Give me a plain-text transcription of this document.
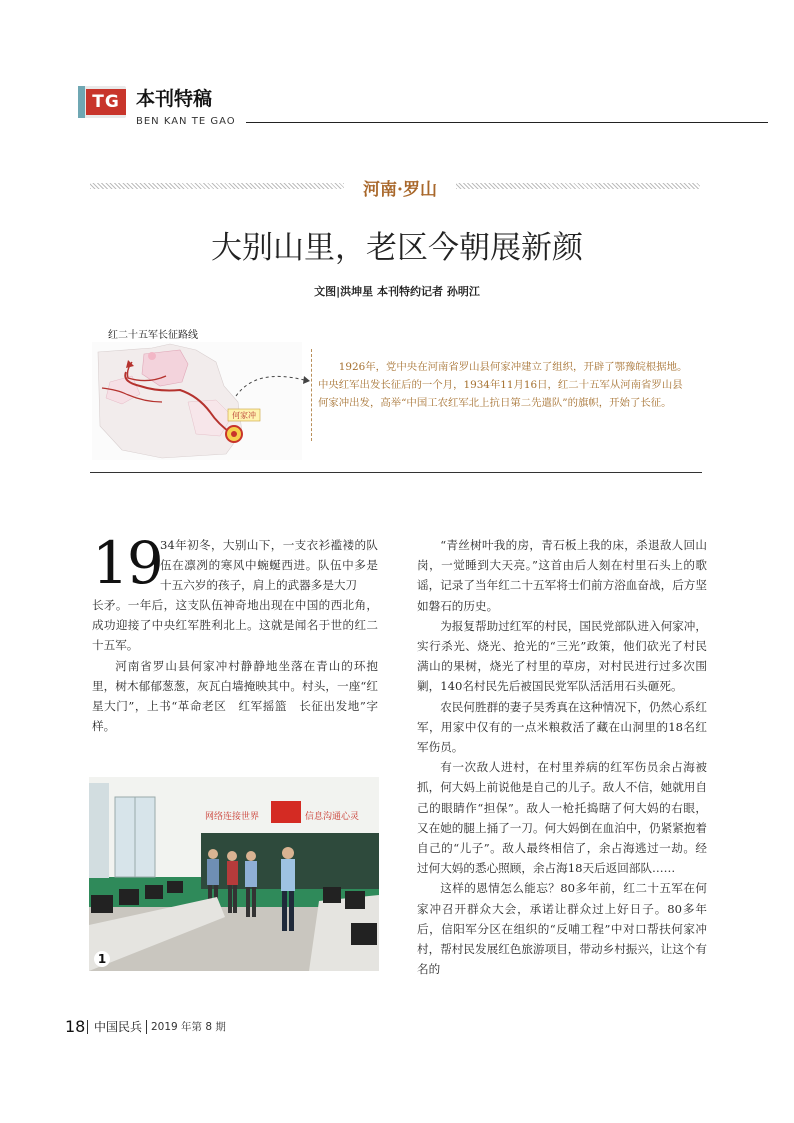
TG 本刊特稿
BEN KAN TE GAO
河南·罗山
大别山里，老区今朝展新颜
文图|洪坤星 本刊特约记者 孙明江
红二十五军长征路线
何家冲
1926年，党中央在河南省罗山县何家冲建立了组织，开辟了鄂豫皖根据地。中央红军出发长征后的一个月，1934年11月16日，红二十五军从河南省罗山县何家冲出发，高举“中国工农红军北上抗日第二先遣队”的旗帜，开始了长征。
19

34年初冬，大别山下，一支衣衫褴褛的队伍在凛冽的寒风中蜿蜒西进。队伍中多是十五六岁的孩子，肩上的武器多是大刀

长矛。一年后，这支队伍神奇地出现在中国的西北角，成功迎接了中央红军胜利北上。这就是闻名于世的红二十五军。

河南省罗山县何家冲村静静地坐落在青山的环抱里，树木郁郁葱葱，灰瓦白墙掩映其中。村头，一座“红星大门”，上书“革命老区　红军摇篮　长征出发地”字样。

“青丝树叶我的房，青石板上我的床，杀退敌人回山岗，一觉睡到大天亮。”这首由后人刻在村里石头上的歌谣，记录了当年红二十五军将士们前方浴血奋战，后方坚如磐石的历史。

为报复帮助过红军的村民，国民党部队进入何家冲，实行杀光、烧光、抢光的“三光”政策，他们砍光了村民满山的果树，烧光了村里的草房，对村民进行过多次围剿，140名村民先后被国民党军队活活用石头砸死。

农民何胜群的妻子吴秀真在这种情况下，仍然心系红军，用家中仅有的一点米粮救活了藏在山洞里的18名红军伤员。

有一次敌人进村，在村里养病的红军伤员余占海被抓，何大妈上前说他是自己的儿子。敌人不信，她就用自己的眼睛作“担保”。敌人一枪托捣瞎了何大妈的右眼，又在她的腿上捅了一刀。何大妈倒在血泊中，仍紧紧抱着自己的“儿子”。敌人最终相信了，余占海逃过一劫。经过何大妈的悉心照顾，余占海18天后返回部队……

这样的恩情怎么能忘？80多年前，红二十五军在何家冲召开群众大会，承诺让群众过上好日子。80多年后，信阳军分区在组织的“反哺工程”中对口帮扶何家冲村，帮村民发展红色旅游项目，带动乡村振兴，让这个有名的

网络连接世界	信息沟通心灵
1
18 中国民兵 2019 年第 8 期
